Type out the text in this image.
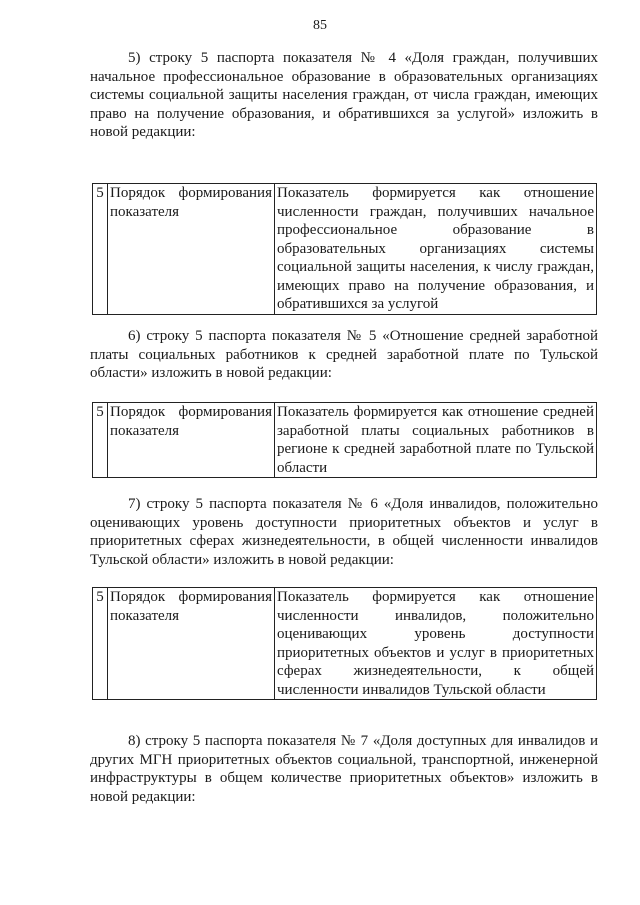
85
5) строку 5 паспорта показателя № 4 «Доля граждан, получивших начальное профессиональное образование в образовательных организациях системы социальной защиты населения граждан, от числа граждан, имеющих право на получение образования, и обратившихся за услугой» изложить в новой редакции:
5	Порядок формирования показателя	Показатель формируется как отношение численности граждан, получивших начальное профессиональное образование в образовательных организациях системы социальной защиты населения, к числу граждан, имеющих право на получение образования, и обратившихся за услугой
6) строку 5 паспорта показателя № 5 «Отношение средней заработной платы социальных работников к средней заработной плате по Тульской области» изложить в новой редакции:
5	Порядок формирования показателя	Показатель формируется как отношение средней заработной платы социальных работников в регионе к средней заработной плате по Тульской области
7) строку 5 паспорта показателя № 6 «Доля инвалидов, положительно оценивающих уровень доступности приоритетных объектов и услуг в приоритетных сферах жизнедеятельности, в общей численности инвалидов Тульской области» изложить в новой редакции:
5	Порядок формирования показателя	Показатель формируется как отношение численности инвалидов, положительно оценивающих уровень доступности приоритетных объектов и услуг в приоритетных сферах жизнедеятельности, к общей численности инвалидов Тульской области
8) строку 5 паспорта показателя № 7 «Доля доступных для инвалидов и других МГН приоритетных объектов социальной, транспортной, инженерной инфраструктуры в общем количестве приоритетных объектов» изложить в новой редакции:
